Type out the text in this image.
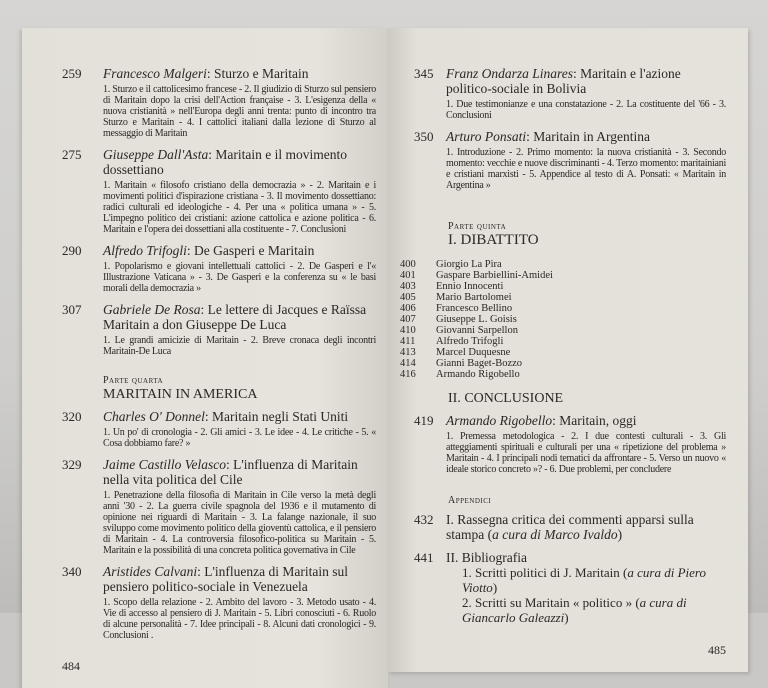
259	Francesco Malgeri: Sturzo e Maritain
1. Sturzo e il cattolicesimo francese - 2. Il giudizio di Sturzo sul pensiero di Maritain dopo la crisi dell'Action française - 3. L'esigenza della « nuova cristianità » nell'Europa degli anni trenta: punto di incontro tra Sturzo e Maritain - 4. I cattolici italiani dalla lezione di Sturzo al messaggio di Maritain
275	Giuseppe Dall'Asta: Maritain e il movimento dossettiano
1. Maritain « filosofo cristiano della democrazia » - 2. Maritain e i movimenti politici d'ispirazione cristiana - 3. Il movimento dossettiano: radici culturali ed ideologiche - 4. Per una « politica umana » - 5. L'impegno politico dei cristiani: azione cattolica e azione politica - 6. Maritain e l'opera dei dossettiani alla costituente - 7. Conclusioni
290	Alfredo Trifogli: De Gasperi e Maritain
1. Popolarismo e giovani intellettuali cattolici - 2. De Gasperi e l'« Illustrazione Vaticana » - 3. De Gasperi e la conferenza su « le basi morali della democrazia »
307	Gabriele De Rosa: Le lettere di Jacques e Raïssa Maritain a don Giuseppe De Luca
1. Le grandi amicizie di Maritain - 2. Breve cronaca degli incontri Maritain-De Luca
Parte quarta
MARITAIN IN AMERICA
320	Charles O' Donnel: Maritain negli Stati Uniti
1. Un po' di cronologia - 2. Gli amici - 3. Le idee - 4. Le critiche - 5. « Cosa dobbiamo fare? »
329	Jaime Castillo Velasco: L'influenza di Maritain nella vita politica del Cile
1. Penetrazione della filosofia di Maritain in Cile verso la metà degli anni '30 - 2. La guerra civile spagnola del 1936 e il mutamento di opinione nei riguardi di Maritain - 3. La falange nazionale, il suo sviluppo come movimento politico della gioventù cattolica, e il pensiero di Maritain - 4. La controversia filosofico-politica su Maritain - 5. Maritain e la possibilità di una concreta politica governativa in Cile
340	Aristides Calvani: L'influenza di Maritain sul pensiero politico-sociale in Venezuela
1. Scopo della relazione - 2. Ambito del lavoro - 3. Metodo usato - 4. Vie di accesso al pensiero di J. Maritain - 5. Libri conosciuti - 6. Ruolo di alcune personalità - 7. Idee principali - 8. Alcuni dati cronologici - 9. Conclusioni .
484
345 Franz Ondarza Linares: Maritain e l'azione politico-sociale in Bolivia
1. Due testimonianze e una constatazione - 2. La costituente del '66 - 3. Conclusioni
350 Arturo Ponsati: Maritain in Argentina
1. Introduzione - 2. Primo momento: la nuova cristianità - 3. Secondo momento: vecchie e nuove discriminanti - 4. Terzo momento: maritainiani e cristiani marxisti - 5. Appendice al testo di A. Ponsati: « Maritain in Argentina »
Parte quinta
I. DIBATTITO
400	Giorgio La Pira
401	Gaspare Barbiellini-Amidei
403	Ennio Innocenti
405	Mario Bartolomei
406	Francesco Bellino
407	Giuseppe L. Goisis
410	Giovanni Sarpellon
411	Alfredo Trifogli
413	Marcel Duquesne
414	Gianni Baget-Bozzo
416	Armando Rigobello
II. CONCLUSIONE
419 Armando Rigobello: Maritain, oggi
1. Premessa metodologica - 2. I due contesti culturali - 3. Gli atteggiamenti spirituali e culturali per una « ripetizione del problema » Maritain - 4. I principali nodi tematici da affrontare - 5. Verso un nuovo « ideale storico concreto »? - 6. Due problemi, per concludere
Appendici
432 I. Rassegna critica dei commenti apparsi sulla stampa (a cura di Marco Ivaldo)
441 II. Bibliografia
1. Scritti politici di J. Maritain (a cura di Piero Viotto)
2. Scritti su Maritain « politico » (a cura di Giancarlo Galeazzi)
485
